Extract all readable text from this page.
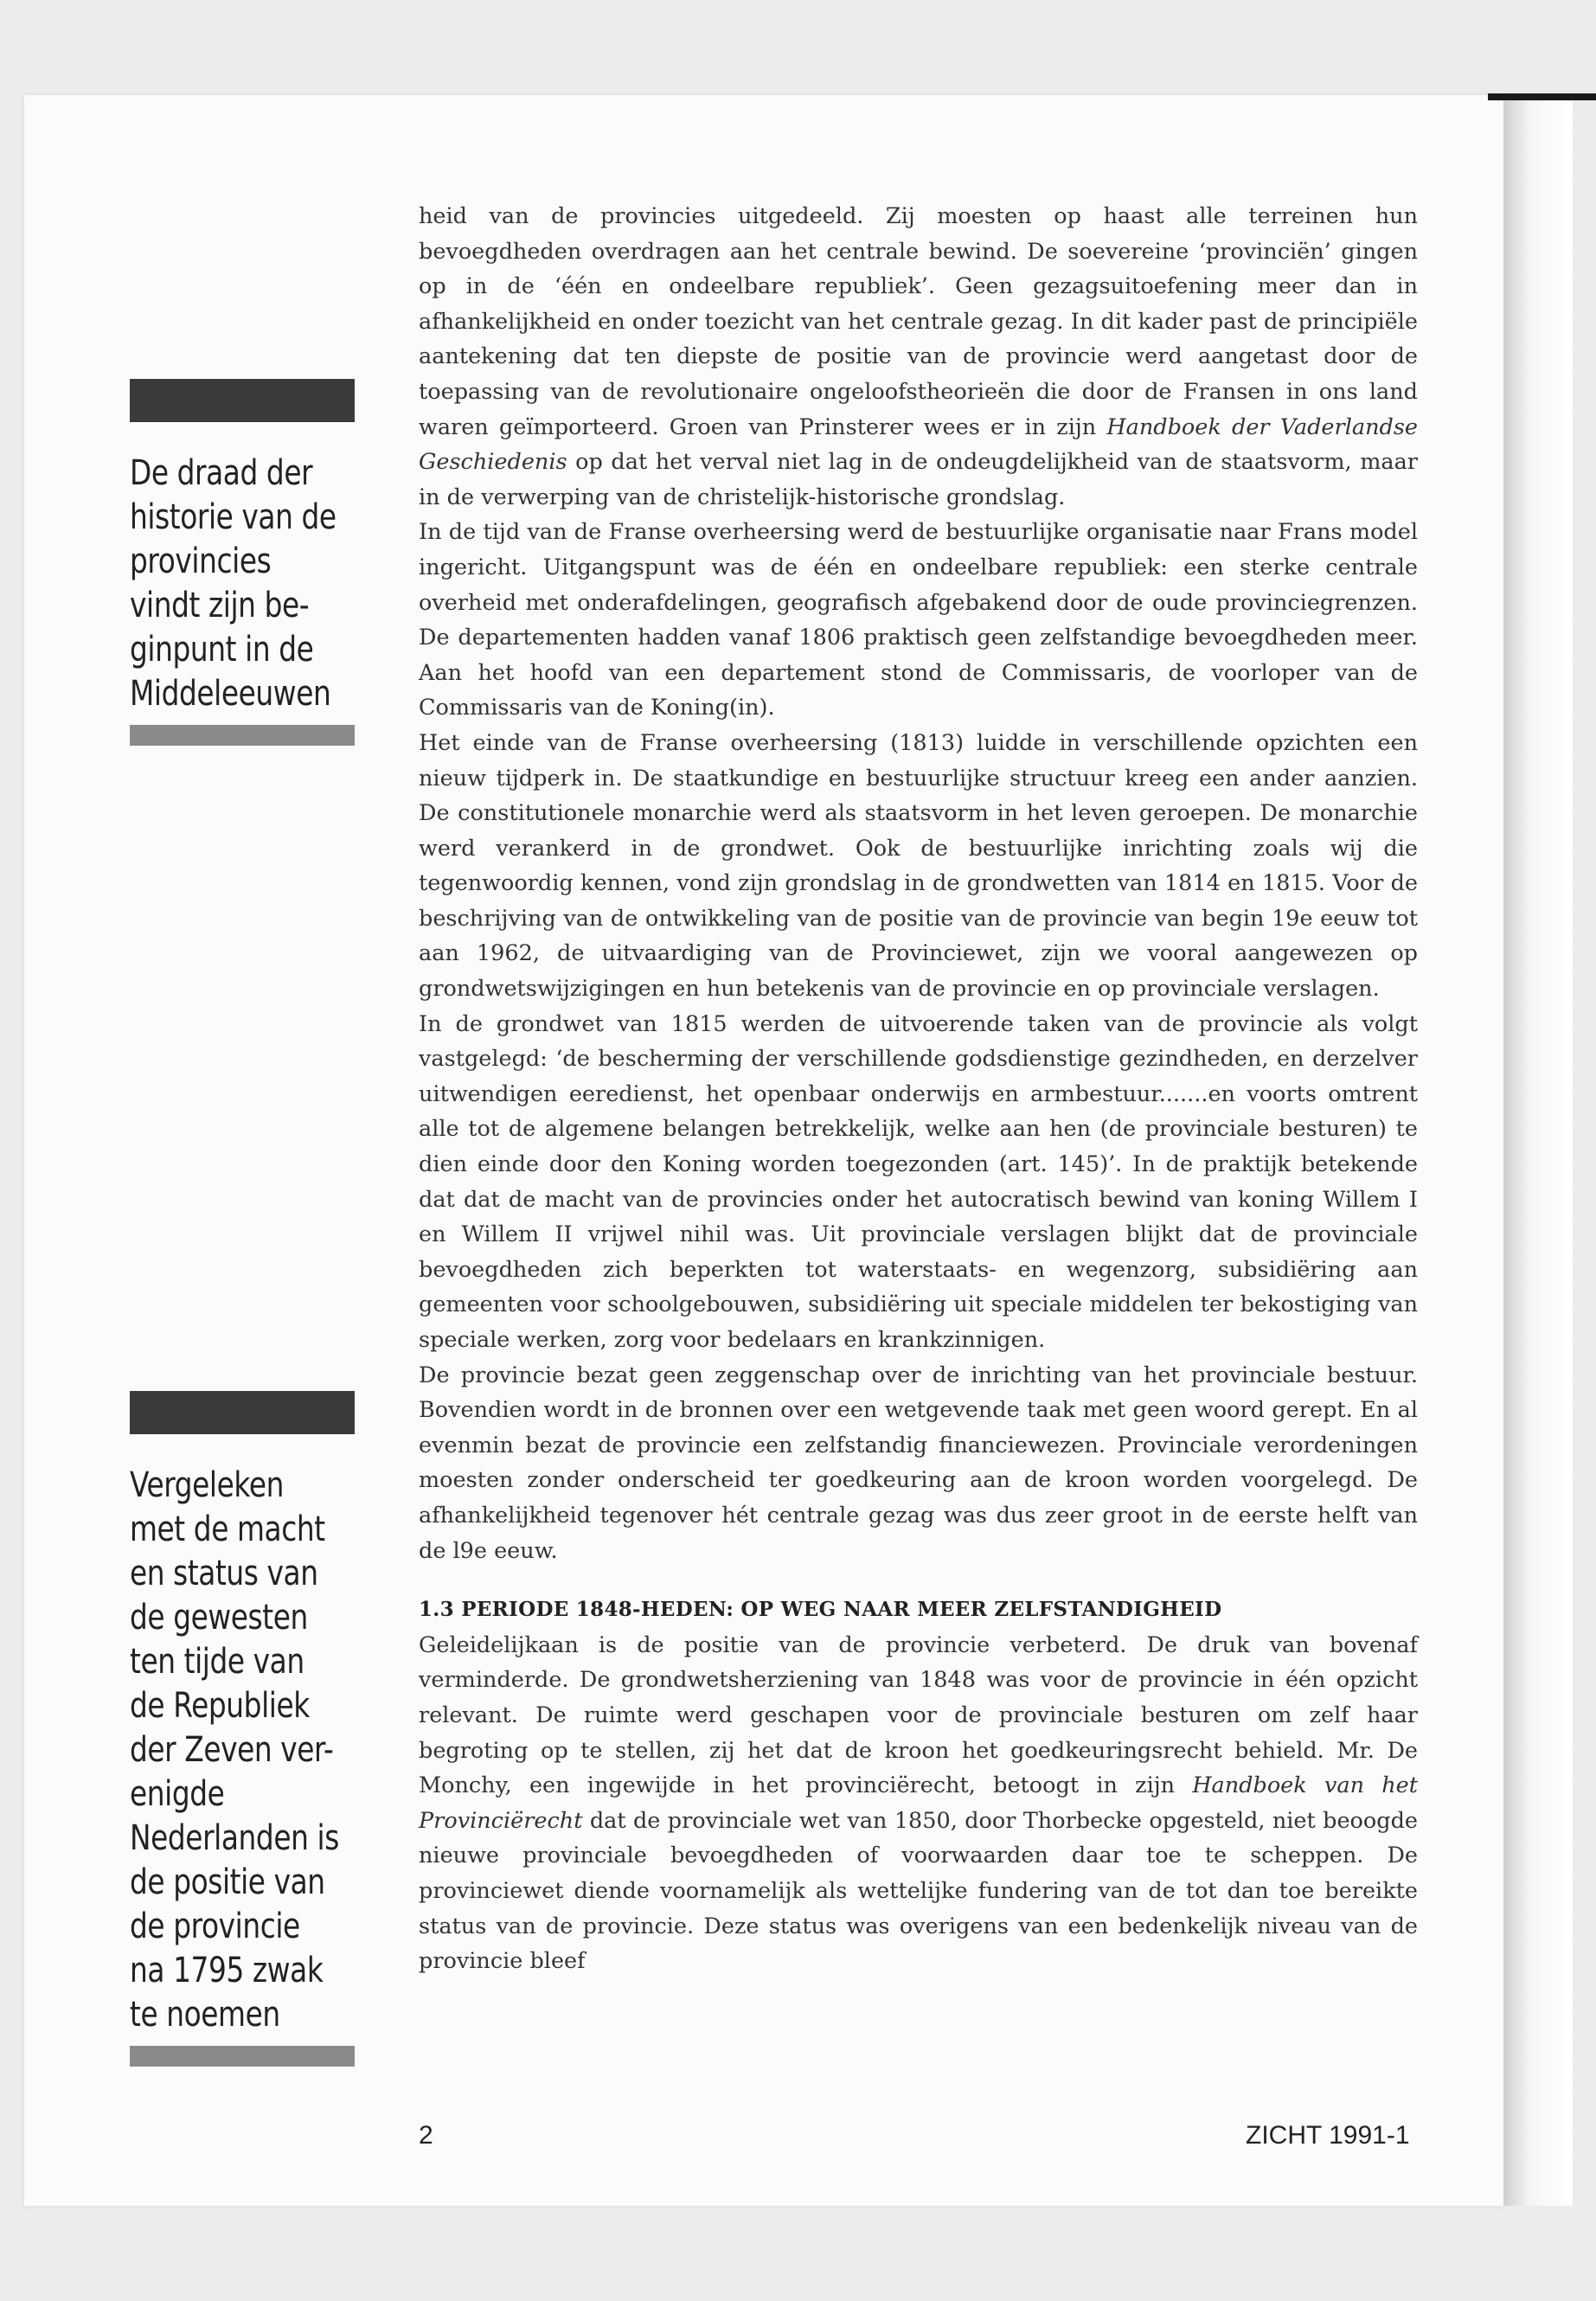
De draad der
historie van de
provincies
vindt zijn be-
ginpunt in de
Middeleeuwen
Vergeleken
met de macht
en status van
de gewesten
ten tijde van
de Republiek
der Zeven ver-
enigde
Nederlanden is
de positie van
de provincie
na 1795 zwak
te noemen

heid van de provincies uitgedeeld. Zij moesten op haast alle terreinen hun bevoegdheden overdragen aan het centrale bewind. De soevereine ‘provinciën’ gingen op in de ‘één en ondeelbare republiek’. Geen gezagsuitoefening meer dan in afhankelijkheid en onder toezicht van het centrale gezag. In dit kader past de principiële aantekening dat ten diepste de positie van de provincie werd aangetast door de toepassing van de revolutionaire ongeloofstheorieën die door de Fransen in ons land waren geïmporteerd. Groen van Prinsterer wees er in zijn Handboek der Vaderlandse Geschiedenis op dat het verval niet lag in de ondeugdelijkheid van de staatsvorm, maar in de verwerping van de christelijk-historische grondslag.

In de tijd van de Franse overheersing werd de bestuurlijke organisatie naar Frans model ingericht. Uitgangspunt was de één en ondeelbare republiek: een sterke centrale overheid met onderafdelingen, geografisch afgebakend door de oude provinciegrenzen. De departementen hadden vanaf 1806 praktisch geen zelfstandige bevoegdheden meer. Aan het hoofd van een departement stond de Commissaris, de voorloper van de Commissaris van de Koning(in).

Het einde van de Franse overheersing (1813) luidde in verschillende opzichten een nieuw tijdperk in. De staatkundige en bestuurlijke structuur kreeg een ander aanzien. De constitutionele monarchie werd als staatsvorm in het leven geroepen. De monarchie werd verankerd in de grondwet. Ook de bestuurlijke inrichting zoals wij die tegenwoordig kennen, vond zijn grondslag in de grondwetten van 1814 en 1815. Voor de beschrijving van de ontwikkeling van de positie van de provincie van begin 19e eeuw tot aan 1962, de uitvaardiging van de Provinciewet, zijn we vooral aangewezen op grondwetswijzigingen en hun betekenis van de provincie en op provinciale verslagen.

In de grondwet van 1815 werden de uitvoerende taken van de provincie als volgt vastgelegd: ‘de bescherming der verschillende godsdienstige gezindheden, en derzelver uitwendigen eeredienst, het openbaar onderwijs en armbestuur.......en voorts omtrent alle tot de algemene belangen betrekkelijk, welke aan hen (de provinciale besturen) te dien einde door den Koning worden toegezonden (art. 145)’. In de praktijk betekende dat dat de macht van de provincies onder het autocratisch bewind van koning Willem I en Willem II vrijwel nihil was. Uit provinciale verslagen blijkt dat de provinciale bevoegdheden zich beperkten tot waterstaats- en wegenzorg, subsidiëring aan gemeenten voor schoolgebouwen, subsidiëring uit speciale middelen ter bekostiging van speciale werken, zorg voor bedelaars en krankzinnigen.

De provincie bezat geen zeggenschap over de inrichting van het provinciale bestuur. Bovendien wordt in de bronnen over een wetgevende taak met geen woord gerept. En al evenmin bezat de provincie een zelfstandig financiewezen. Provinciale verordeningen moesten zonder onderscheid ter goedkeuring aan de kroon worden voorgelegd. De afhankelijkheid tegenover hét centrale gezag was dus zeer groot in de eerste helft van de l9e eeuw.

1.3 PERIODE 1848-HEDEN: OP WEG NAAR MEER ZELFSTANDIGHEID

Geleidelijkaan is de positie van de provincie verbeterd. De druk van bovenaf verminderde. De grondwetsherziening van 1848 was voor de provincie in één opzicht relevant. De ruimte werd geschapen voor de provinciale besturen om zelf haar begroting op te stellen, zij het dat de kroon het goedkeuringsrecht behield. Mr. De Monchy, een ingewijde in het provinciërecht, betoogt in zijn Handboek van het Provinciërecht dat de provinciale wet van 1850, door Thorbecke opgesteld, niet beoogde nieuwe provinciale bevoegdheden of voorwaarden daar toe te scheppen. De provinciewet diende voornamelijk als wettelijke fundering van de tot dan toe bereikte status van de provincie. Deze status was overigens van een bedenkelijk niveau van de provincie bleef

2	ZICHT 1991-1
